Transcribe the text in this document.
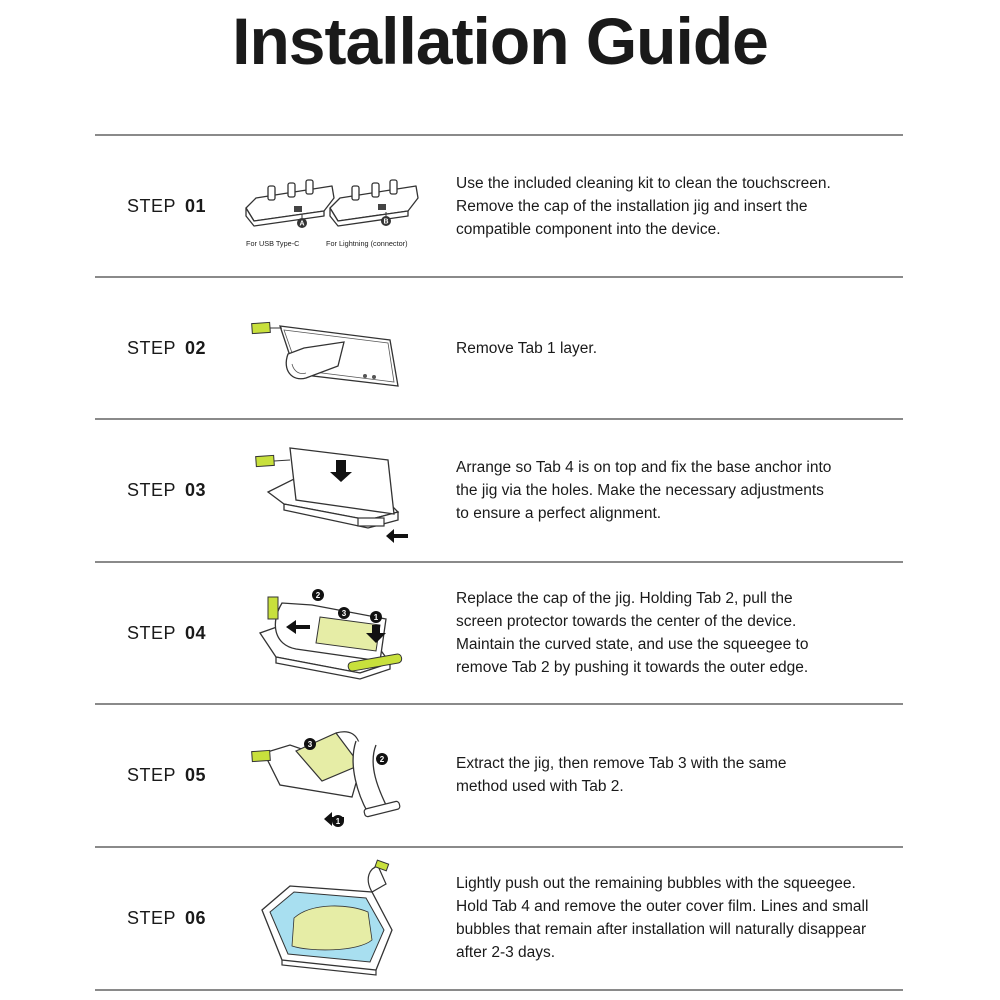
Installation Guide
STEP 01
A	B
For USB Type-C	For Lightning (connector)
Use the included cleaning kit to clean the touchscreen.
Remove the cap of the installation jig and insert the
compatible component into the device.
STEP 02	Remove Tab 1 layer.
STEP 03
Arrange so Tab 4 is on top and fix the base anchor into
the jig via the holes. Make the necessary adjustments
to ensure a perfect alignment.
STEP 04
2
3	1
Replace the cap of the jig. Holding Tab 2, pull the
screen protector towards the center of the device.
Maintain the curved state, and use the squeegee to
remove Tab 2 by pushing it towards the outer edge.
STEP 05
3
2
1
Extract the jig, then remove Tab 3 with the same
method used with Tab 2.
STEP 06
Lightly push out the remaining bubbles with the squeegee.
Hold Tab 4 and remove the outer cover film. Lines and small
bubbles that remain after installation will naturally disappear
after 2-3 days.
